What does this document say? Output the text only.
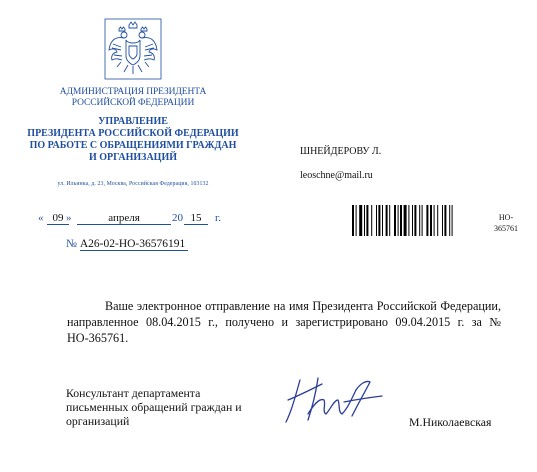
АДМИНИСТРАЦИЯ ПРЕЗИДЕНТА
РОССИЙСКОЙ ФЕДЕРАЦИИ
УПРАВЛЕНИЕ
ПРЕЗИДЕНТА РОССИЙСКОЙ ФЕДЕРАЦИИ
ПО РАБОТЕ С ОБРАЩЕНИЯМИ ГРАЖДАН
И ОРГАНИЗАЦИЙ
ул. Ильинка, д. 23, Москва, Российская Федерация, 103132
ШНЕЙДЕРОВУ Л.
leoschne@mail.ru
« 09 »	апреля	20 15	г.
№ А26-02-НО-36576191
НО-
365761
Ваше электронное отправление на имя Президента Российской Федерации, направленное 08.04.2015 г., получено и зарегистрировано 09.04.2015 г. за № НО-365761.
Консультант департамента
письменных обращений граждан и
организаций	М.Николаевская
